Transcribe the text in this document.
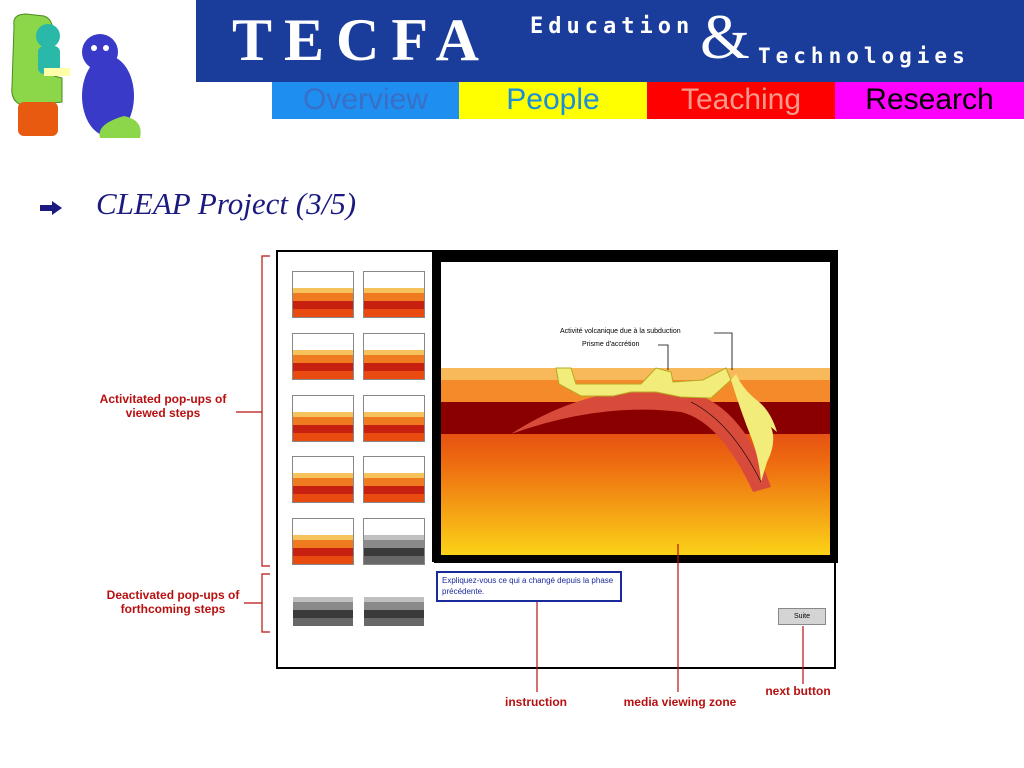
TECFA Education & Technologies
Overview	People	Teaching	Research
CLEAP Project (3/5)
Activitated pop-ups of viewed steps
Deactivated pop-ups of forthcoming steps
Activité volcanique due à la subduction
Prisme d'accrétion
Expliquez-vous ce qui a changé depuis la phase précédente.
Suite
instruction	media viewing zone
next button
